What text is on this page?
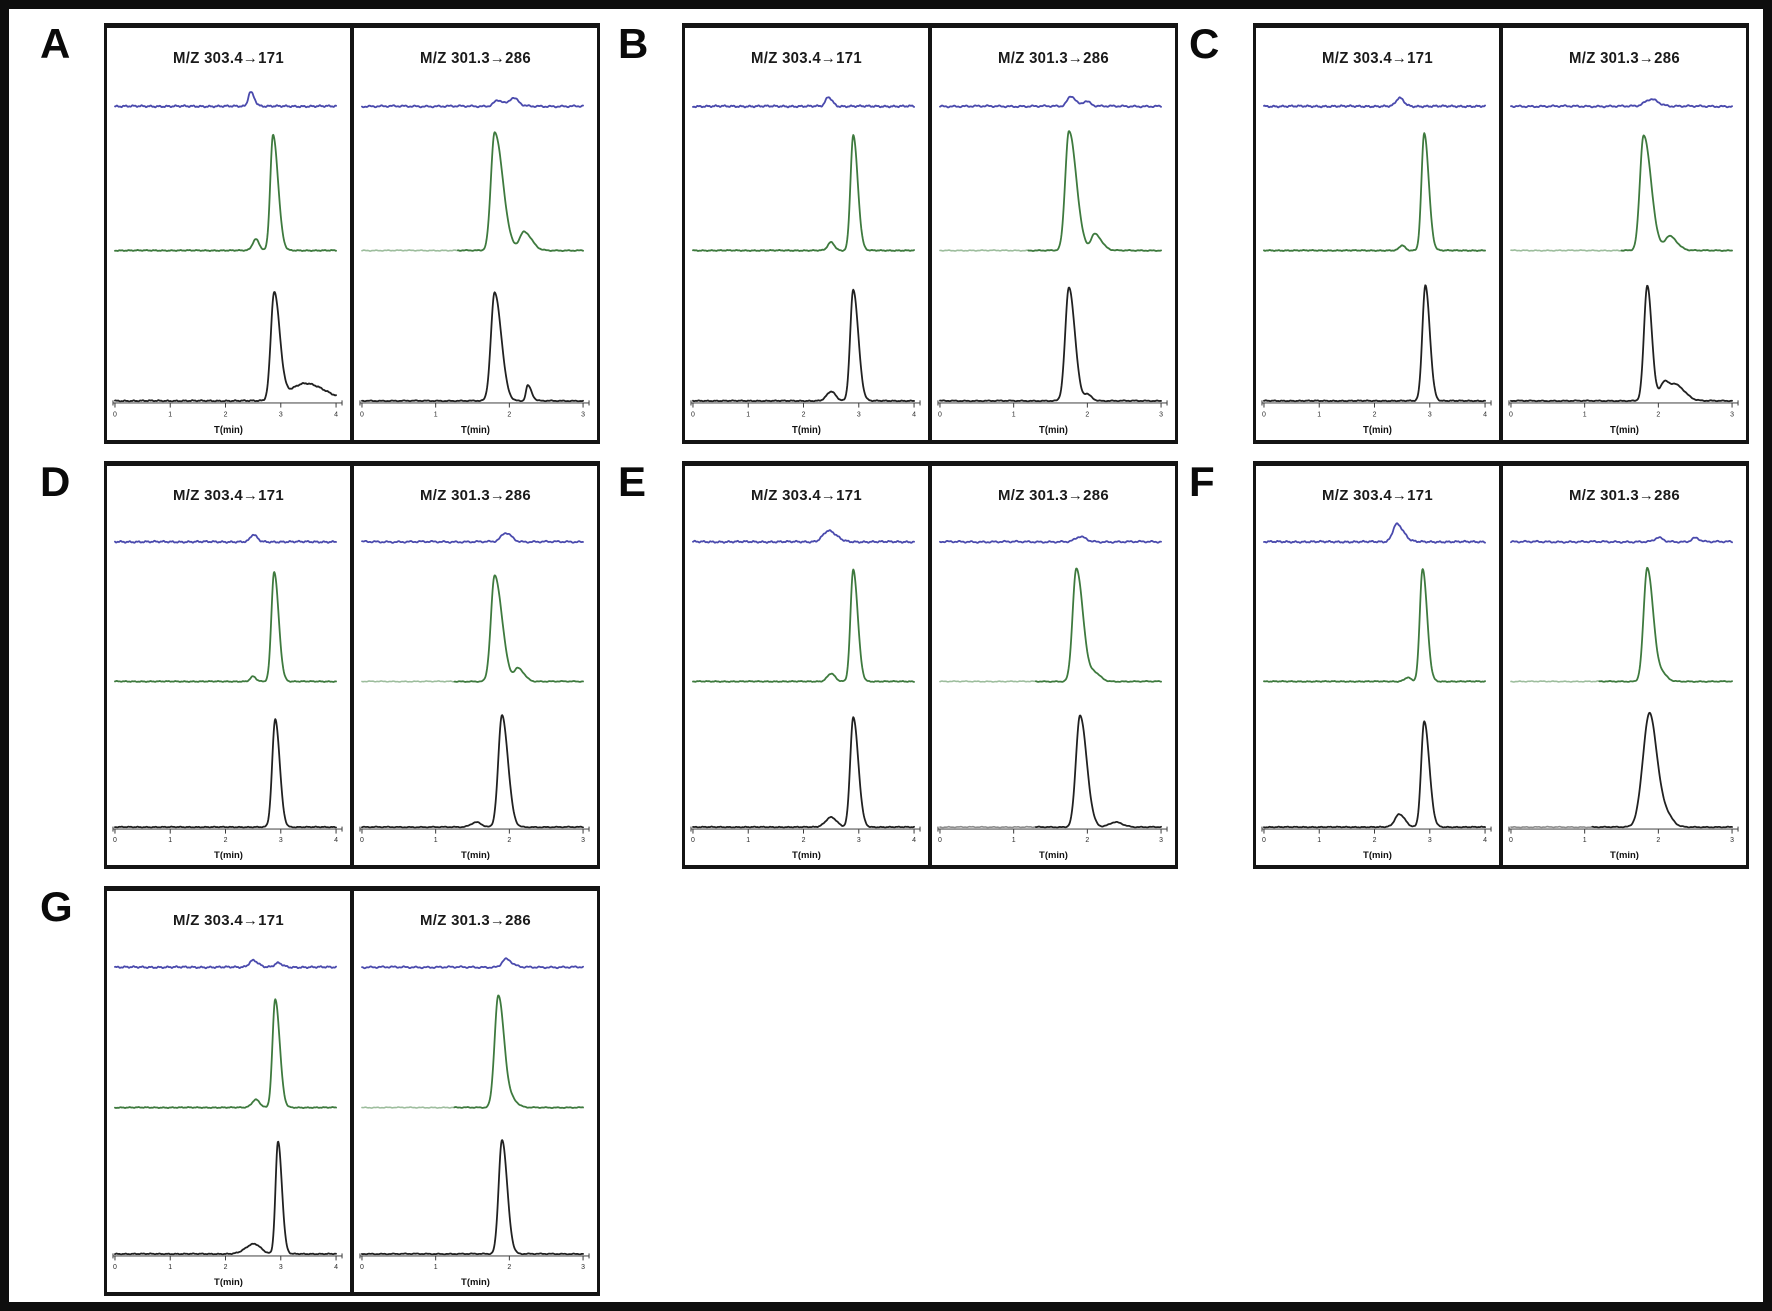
A	M/Z 303.4→171
0	1	2	3	4
T(min)
M/Z 301.3→286
0	1	2	3
T(min)
B	M/Z 303.4→171
0	1	2	3	4
T(min)
M/Z 301.3→286
0	1	2	3
T(min)
C	M/Z 303.4→171
0	1	2	3	4
T(min)
M/Z 301.3→286
0	1	2	3
T(min)
D	M/Z 303.4→171
0	1	2	3	4
T(min)
M/Z 301.3→286
0	1	2	3
T(min)
E	M/Z 303.4→171
0	1	2	3	4
T(min)
M/Z 301.3→286
0	1	2	3
T(min)
F	M/Z 303.4→171
0	1	2	3	4
T(min)
M/Z 301.3→286
0	1	2	3
T(min)
G	M/Z 303.4→171
0	1	2	3	4
T(min)
M/Z 301.3→286
0	1	2	3
T(min)
